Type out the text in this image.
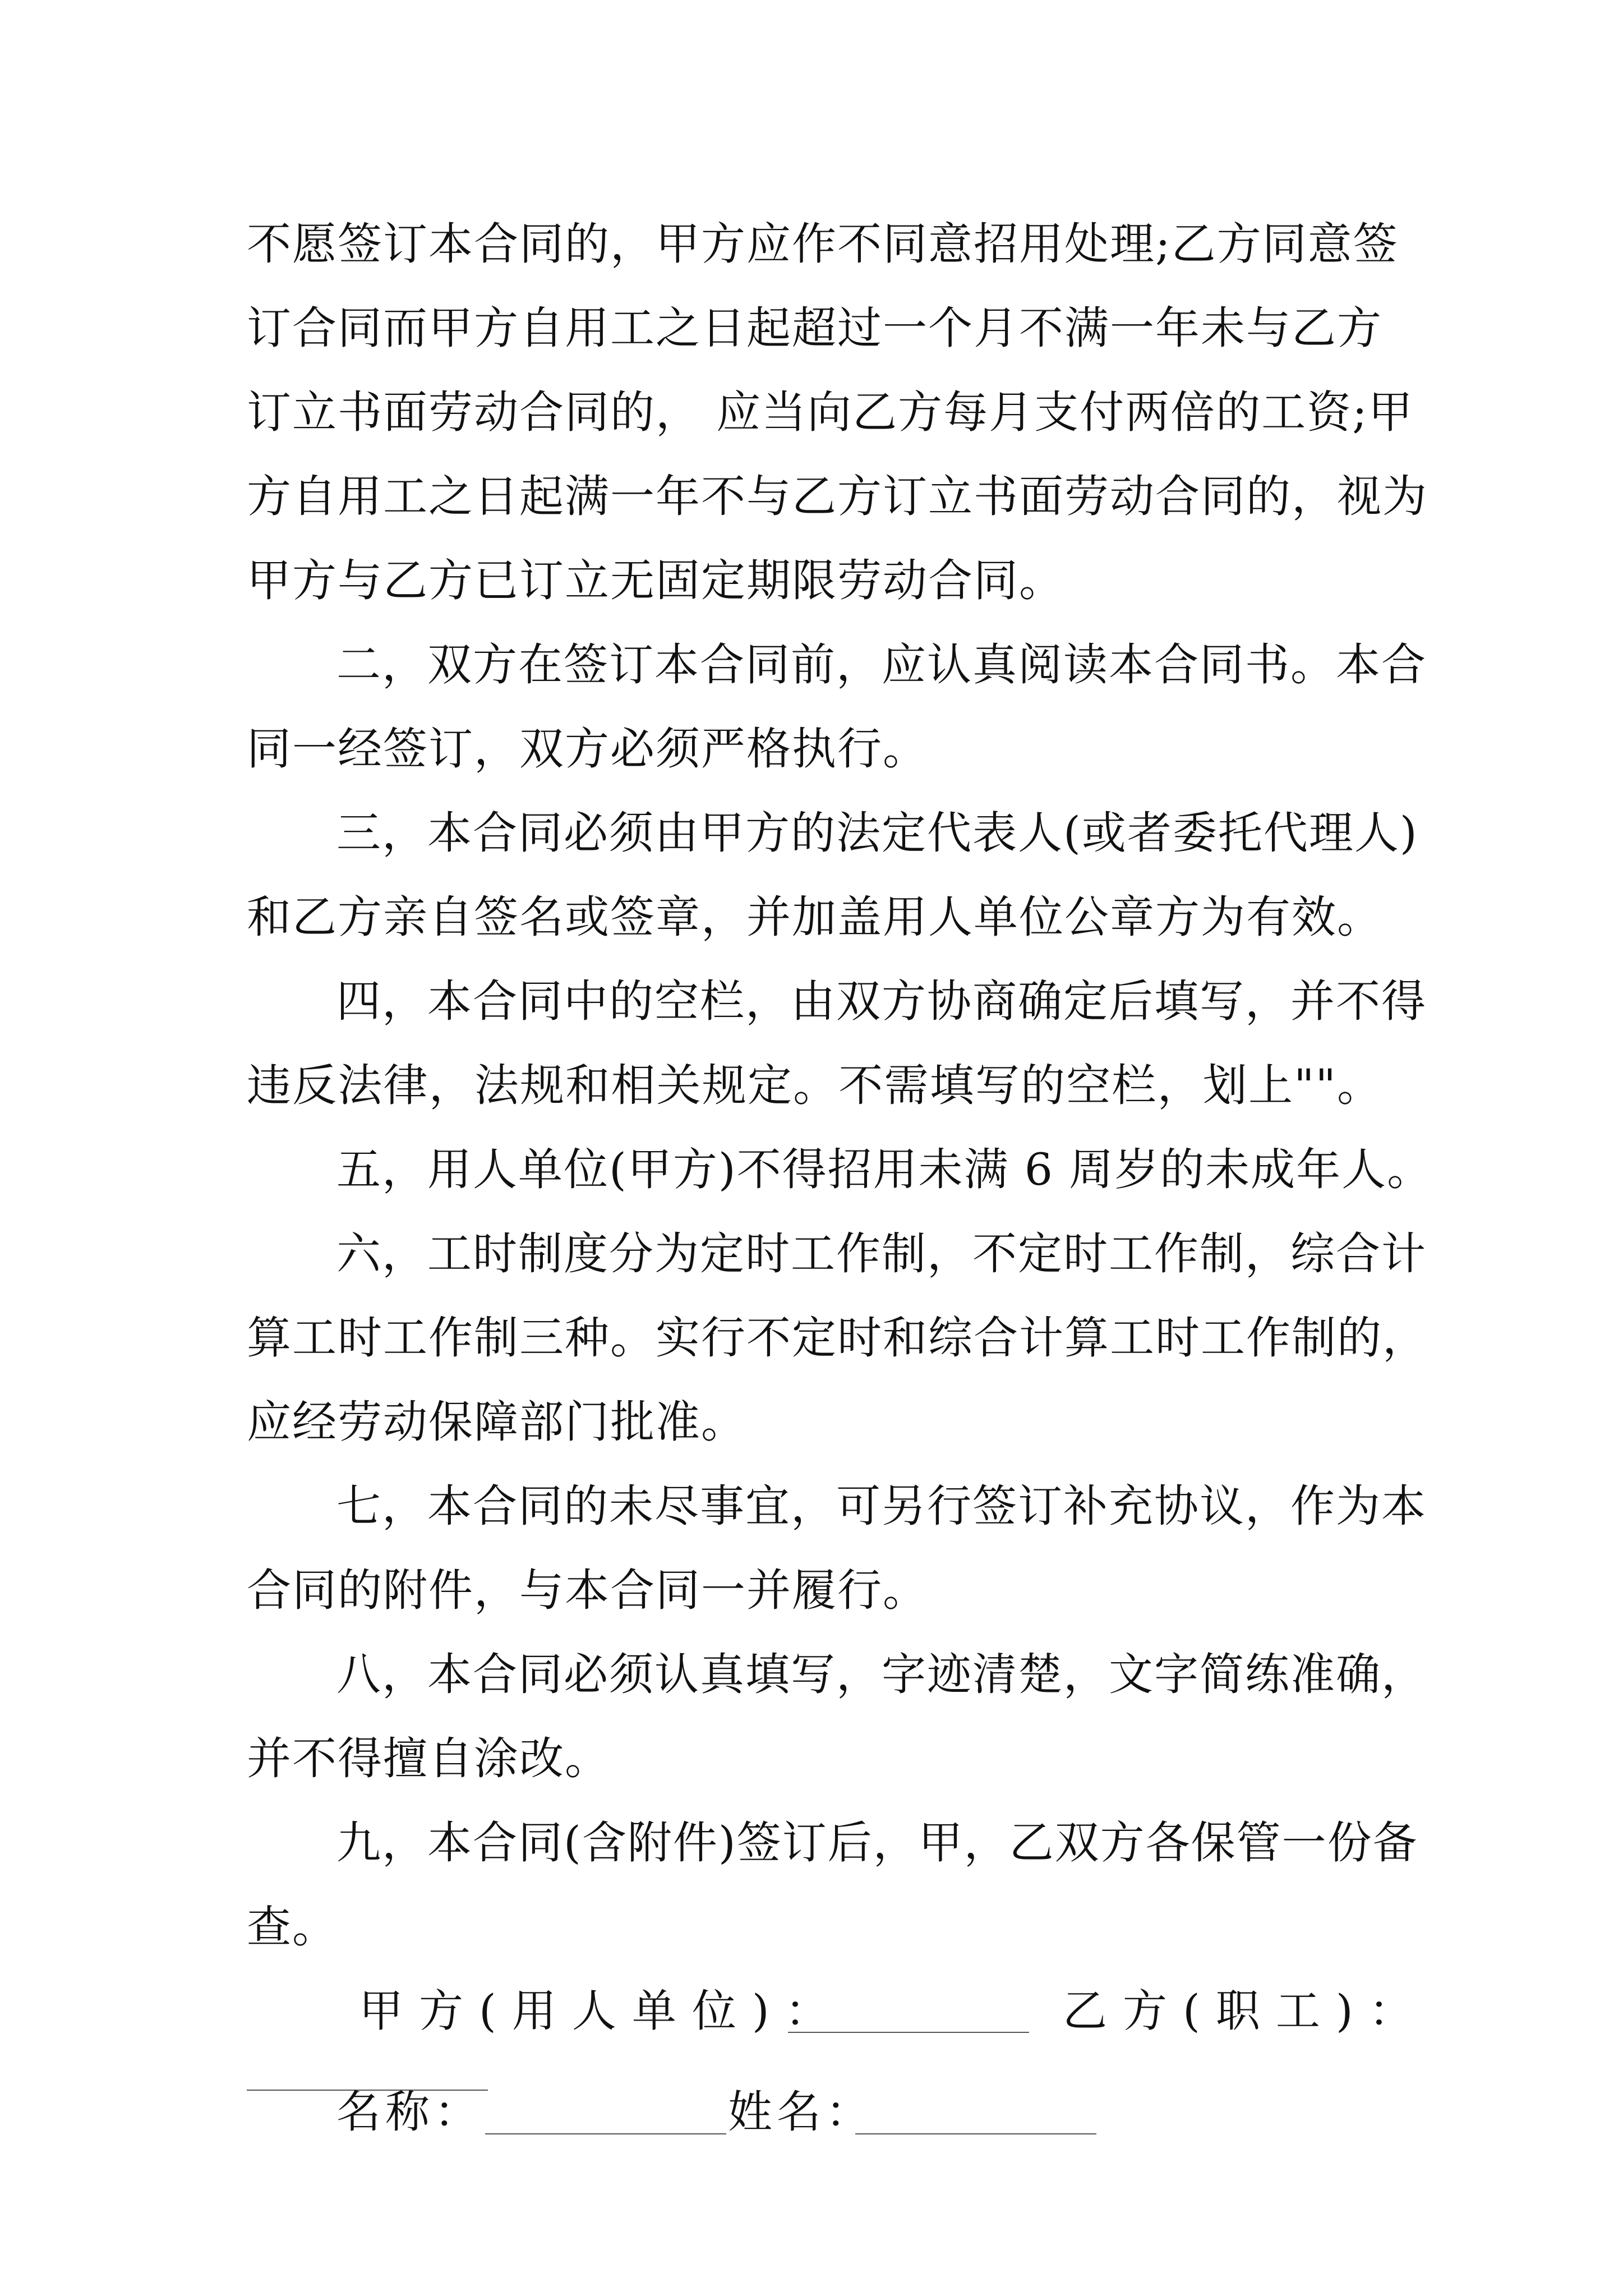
不愿签订本合同的，甲方应作不同意招用处理;乙方同意签
订合同而甲方自用工之日起超过一个月不满一年未与乙方
订立书面劳动合同的， 应当向乙方每月支付两倍的工资;甲
方自用工之日起满一年不与乙方订立书面劳动合同的，视为
甲方与乙方已订立无固定期限劳动合同。
二，双方在签订本合同前，应认真阅读本合同书。本合
同一经签订，双方必须严格执行。
三，本合同必须由甲方的法定代表人(或者委托代理人)
和乙方亲自签名或签章，并加盖用人单位公章方为有效。
四，本合同中的空栏，由双方协商确定后填写，并不得
违反法律，法规和相关规定。不需填写的空栏，划上""。
五，用人单位(甲方)不得招用未满 6 周岁的未成年人。
六，工时制度分为定时工作制，不定时工作制，综合计
算工时工作制三种。实行不定时和综合计算工时工作制的，
应经劳动保障部门批准。
七，本合同的未尽事宜，可另行签订补充协议，作为本
合同的附件，与本合同一并履行。
八，本合同必须认真填写，字迹清楚，文字简练准确，
并不得擅自涂改。
九，本合同(含附件)签订后，甲，乙双方各保管一份备
查。
甲方(用人单位)：	乙方(职工)：
名称：	姓名：
